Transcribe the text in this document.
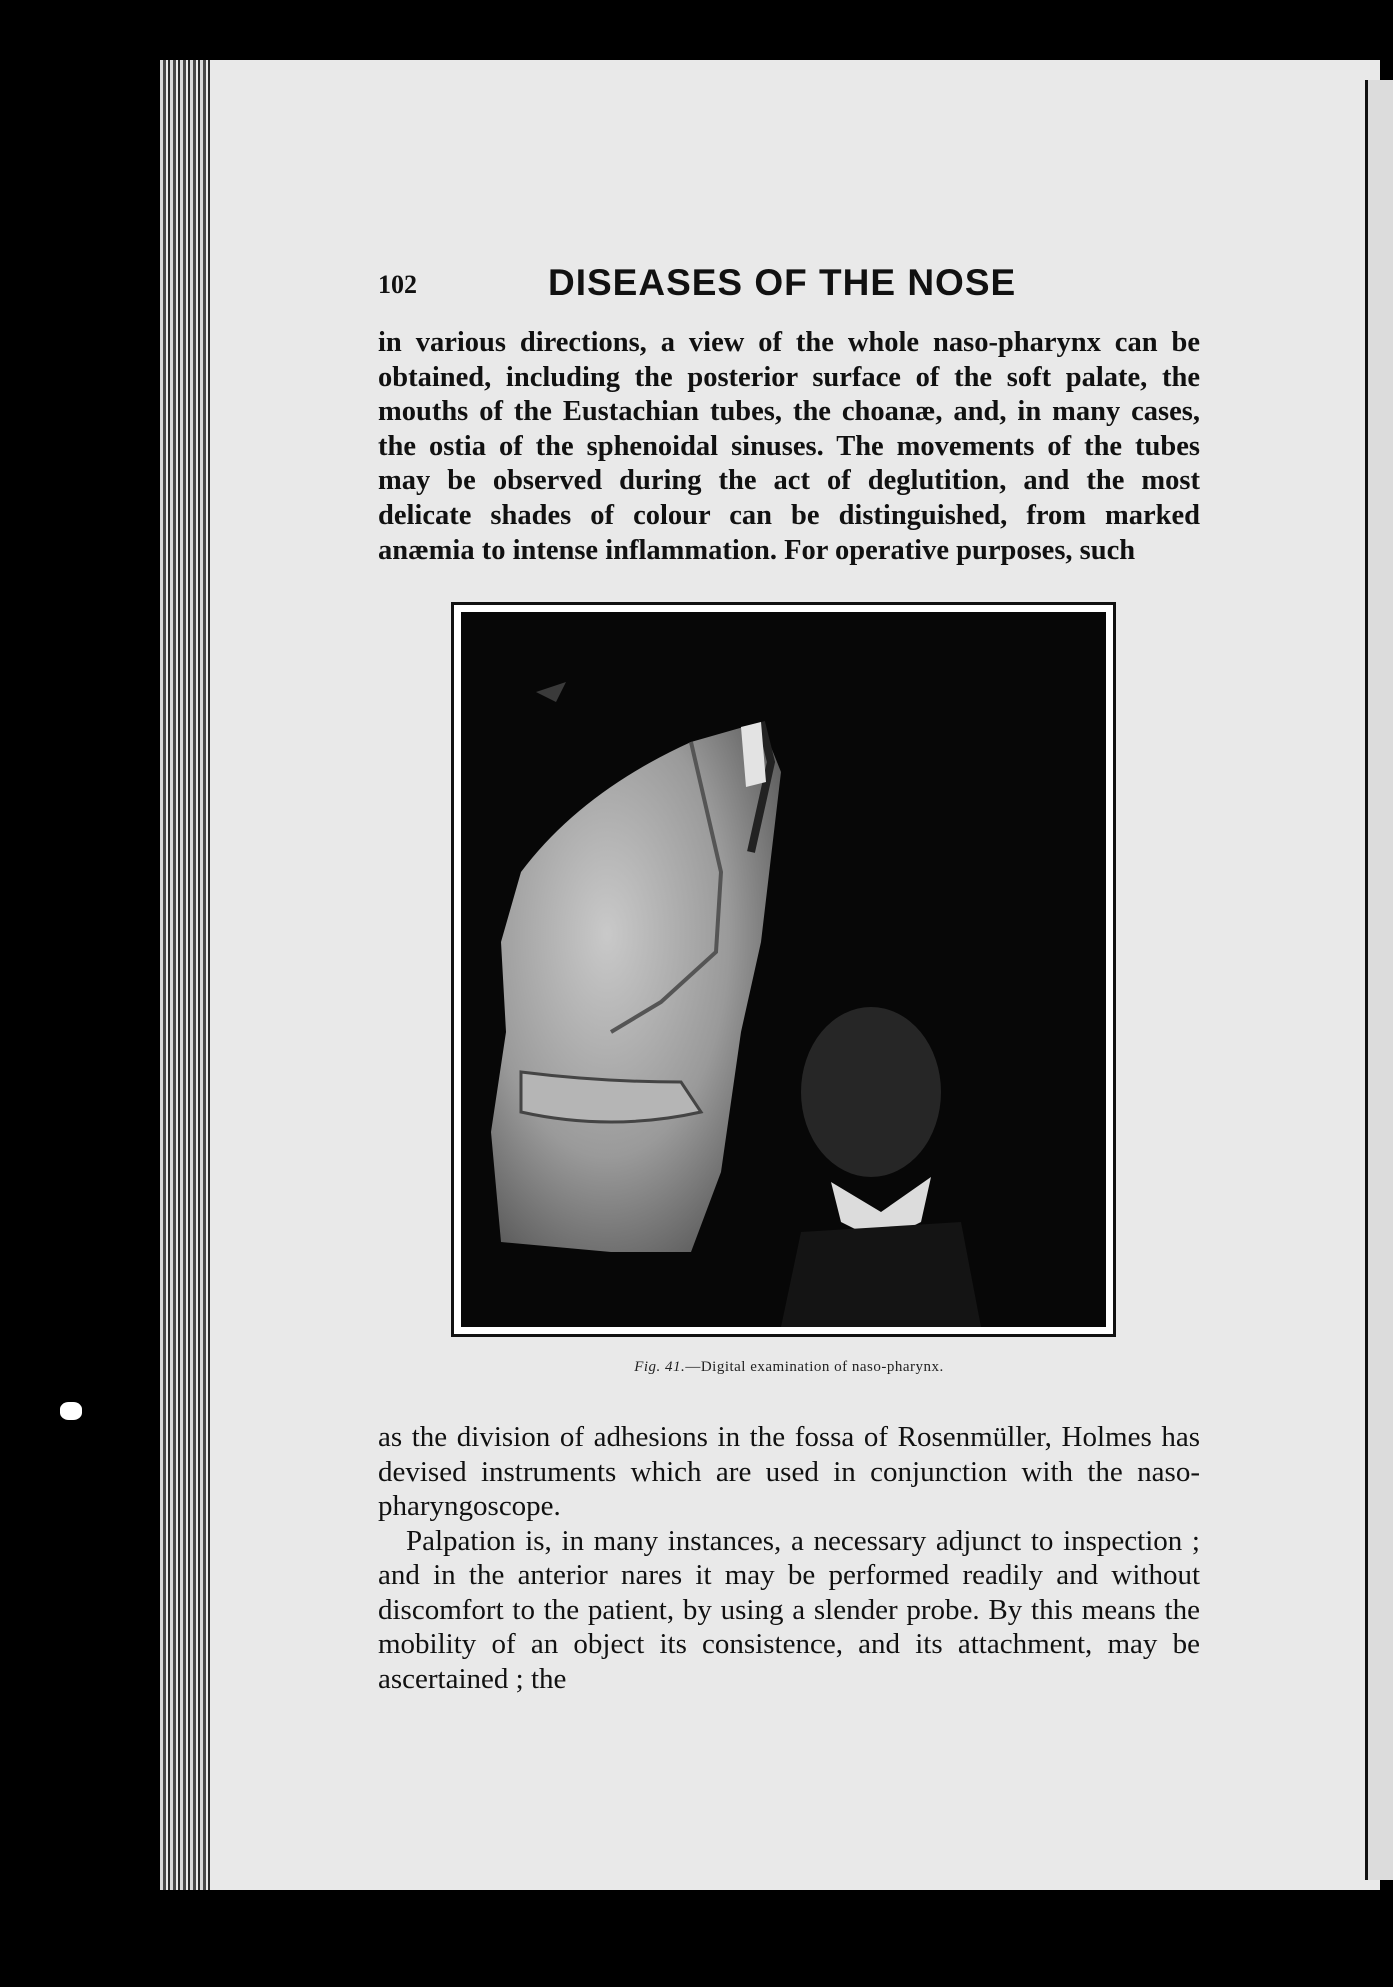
102	DISEASES OF THE NOSE

in various directions, a view of the whole naso-pharynx can be obtained, including the posterior surface of the soft palate, the mouths of the Eustachian tubes, the choanæ, and, in many cases, the ostia of the sphenoidal sinuses. The movements of the tubes may be observed during the act of deglutition, and the most delicate shades of colour can be distinguished, from marked anæmia to intense inflammation. For operative purposes, such

Fig. 41.—Digital examination of naso-pharynx.

as the division of adhesions in the fossa of Rosenmüller, Holmes has devised instruments which are used in conjunction with the naso-pharyngoscope.

Palpation is, in many instances, a necessary adjunct to inspection ; and in the anterior nares it may be performed readily and without discomfort to the patient, by using a slender probe. By this means the mobility of an object its consistence, and its attachment, may be ascertained ; the
